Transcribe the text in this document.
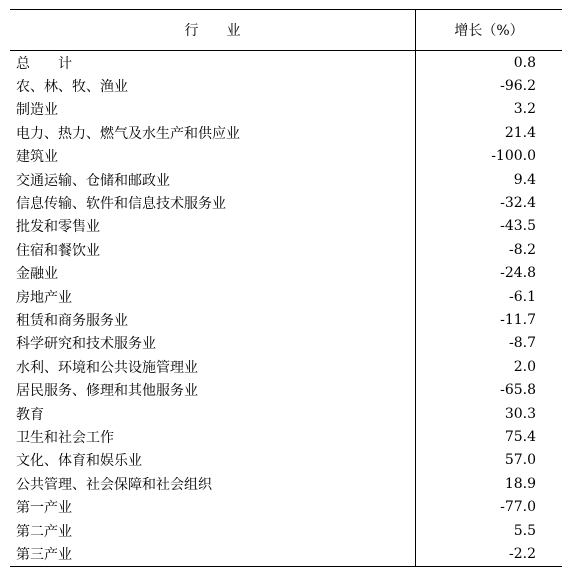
行　　业	增长（%）
总　　计	0.8
农、林、牧、渔业	-96.2
制造业	3.2
电力、热力、燃气及水生产和供应业	21.4
建筑业	-100.0
交通运输、仓储和邮政业	9.4
信息传输、软件和信息技术服务业	-32.4
批发和零售业	-43.5
住宿和餐饮业	-8.2
金融业	-24.8
房地产业	-6.1
租赁和商务服务业	-11.7
科学研究和技术服务业	-8.7
水利、环境和公共设施管理业	2.0
居民服务、修理和其他服务业	-65.8
教育	30.3
卫生和社会工作	75.4
文化、体育和娱乐业	57.0
公共管理、社会保障和社会组织	18.9
第一产业	-77.0
第二产业	5.5
第三产业	-2.2
